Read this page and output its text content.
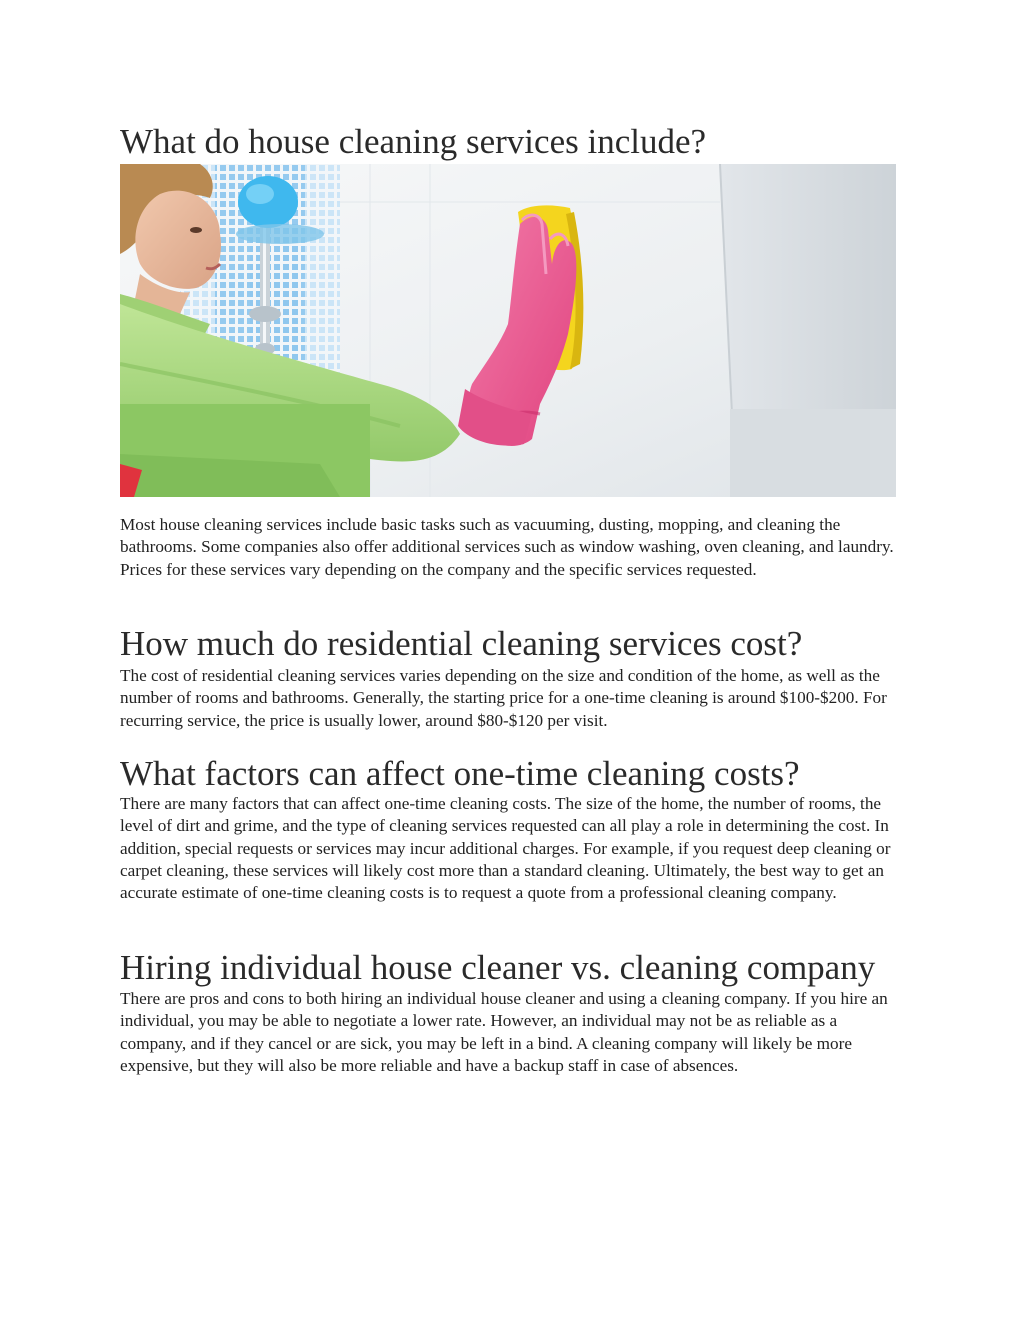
What do house cleaning services include?

Most house cleaning services include basic tasks such as vacuuming, dusting, mopping, and cleaning the bathrooms. Some companies also offer additional services such as window washing, oven cleaning, and laundry. Prices for these services vary depending on the company and the specific services requested.

How much do residential cleaning services cost?

The cost of residential cleaning services varies depending on the size and condition of the home, as well as the number of rooms and bathrooms. Generally, the starting price for a one-time cleaning is around $100-$200. For recurring service, the price is usually lower, around $80-$120 per visit.

What factors can affect one-time cleaning costs?

There are many factors that can affect one-time cleaning costs. The size of the home, the number of rooms, the level of dirt and grime, and the type of cleaning services requested can all play a role in determining the cost. In addition, special requests or services may incur additional charges. For example, if you request deep cleaning or carpet cleaning, these services will likely cost more than a standard cleaning. Ultimately, the best way to get an accurate estimate of one-time cleaning costs is to request a quote from a professional cleaning company.

Hiring individual house cleaner vs. cleaning company

There are pros and cons to both hiring an individual house cleaner and using a cleaning company. If you hire an individual, you may be able to negotiate a lower rate. However, an individual may not be as reliable as a company, and if they cancel or are sick, you may be left in a bind. A cleaning company will likely be more expensive, but they will also be more reliable and have a backup staff in case of absences.
